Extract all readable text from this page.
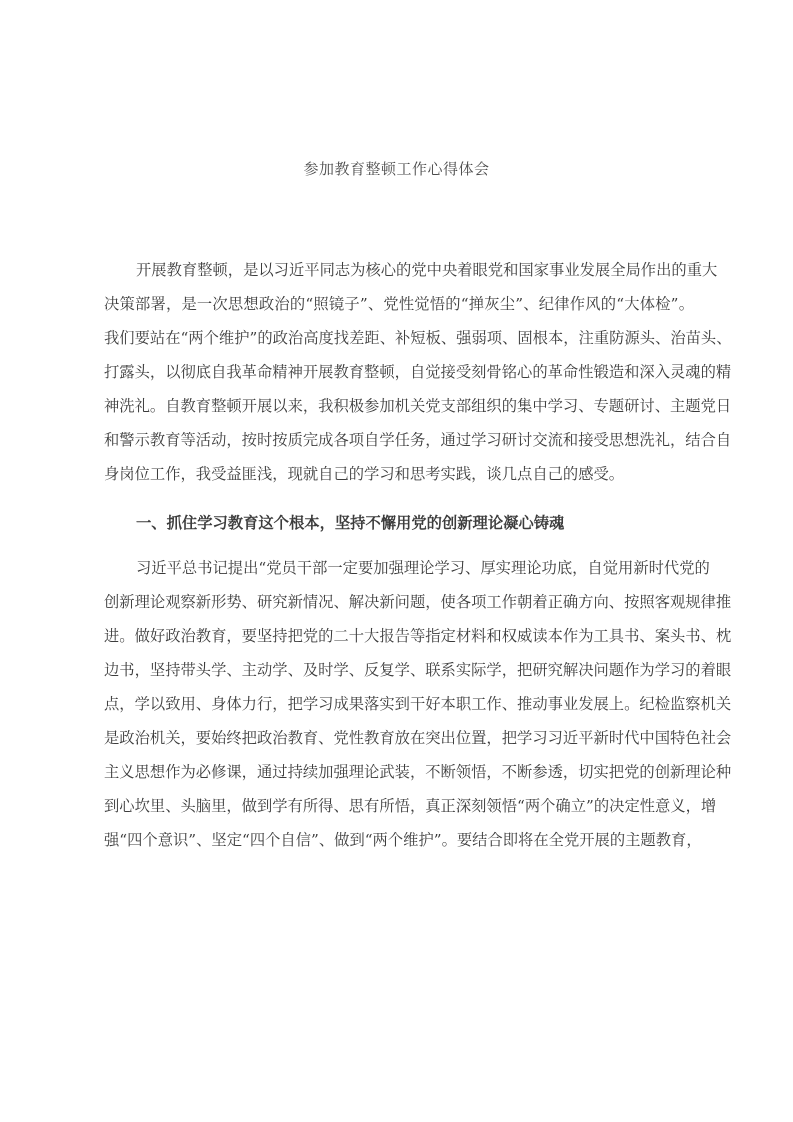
参加教育整顿工作心得体会
开展教育整顿，是以习近平同志为核心的党中央着眼党和国家事业发展全局作出的重大
决策部署，是一次思想政治的“照镜子”、党性觉悟的“掸灰尘”、纪律作风的“大体检”。
我们要站在“两个维护”的政治高度找差距、补短板、强弱项、固根本，注重防源头、治苗头、
打露头，以彻底自我革命精神开展教育整顿，自觉接受刻骨铭心的革命性锻造和深入灵魂的精
神洗礼。自教育整顿开展以来，我积极参加机关党支部组织的集中学习、专题研讨、主题党日
和警示教育等活动，按时按质完成各项自学任务，通过学习研讨交流和接受思想洗礼，结合自
身岗位工作，我受益匪浅，现就自己的学习和思考实践，谈几点自己的感受。
一、抓住学习教育这个根本，坚持不懈用党的创新理论凝心铸魂
习近平总书记提出“党员干部一定要加强理论学习、厚实理论功底，自觉用新时代党的
创新理论观察新形势、研究新情况、解决新问题，使各项工作朝着正确方向、按照客观规律推
进。做好政治教育，要坚持把党的二十大报告等指定材料和权威读本作为工具书、案头书、枕
边书，坚持带头学、主动学、及时学、反复学、联系实际学，把研究解决问题作为学习的着眼
点，学以致用、身体力行，把学习成果落实到干好本职工作、推动事业发展上。纪检监察机关
是政治机关，要始终把政治教育、党性教育放在突出位置，把学习习近平新时代中国特色社会
主义思想作为必修课，通过持续加强理论武装，不断领悟，不断参透，切实把党的创新理论种
到心坎里、头脑里，做到学有所得、思有所悟，真正深刻领悟“两个确立”的决定性意义，增
强“四个意识”、坚定“四个自信”、做到“两个维护”。要结合即将在全党开展的主题教育，
